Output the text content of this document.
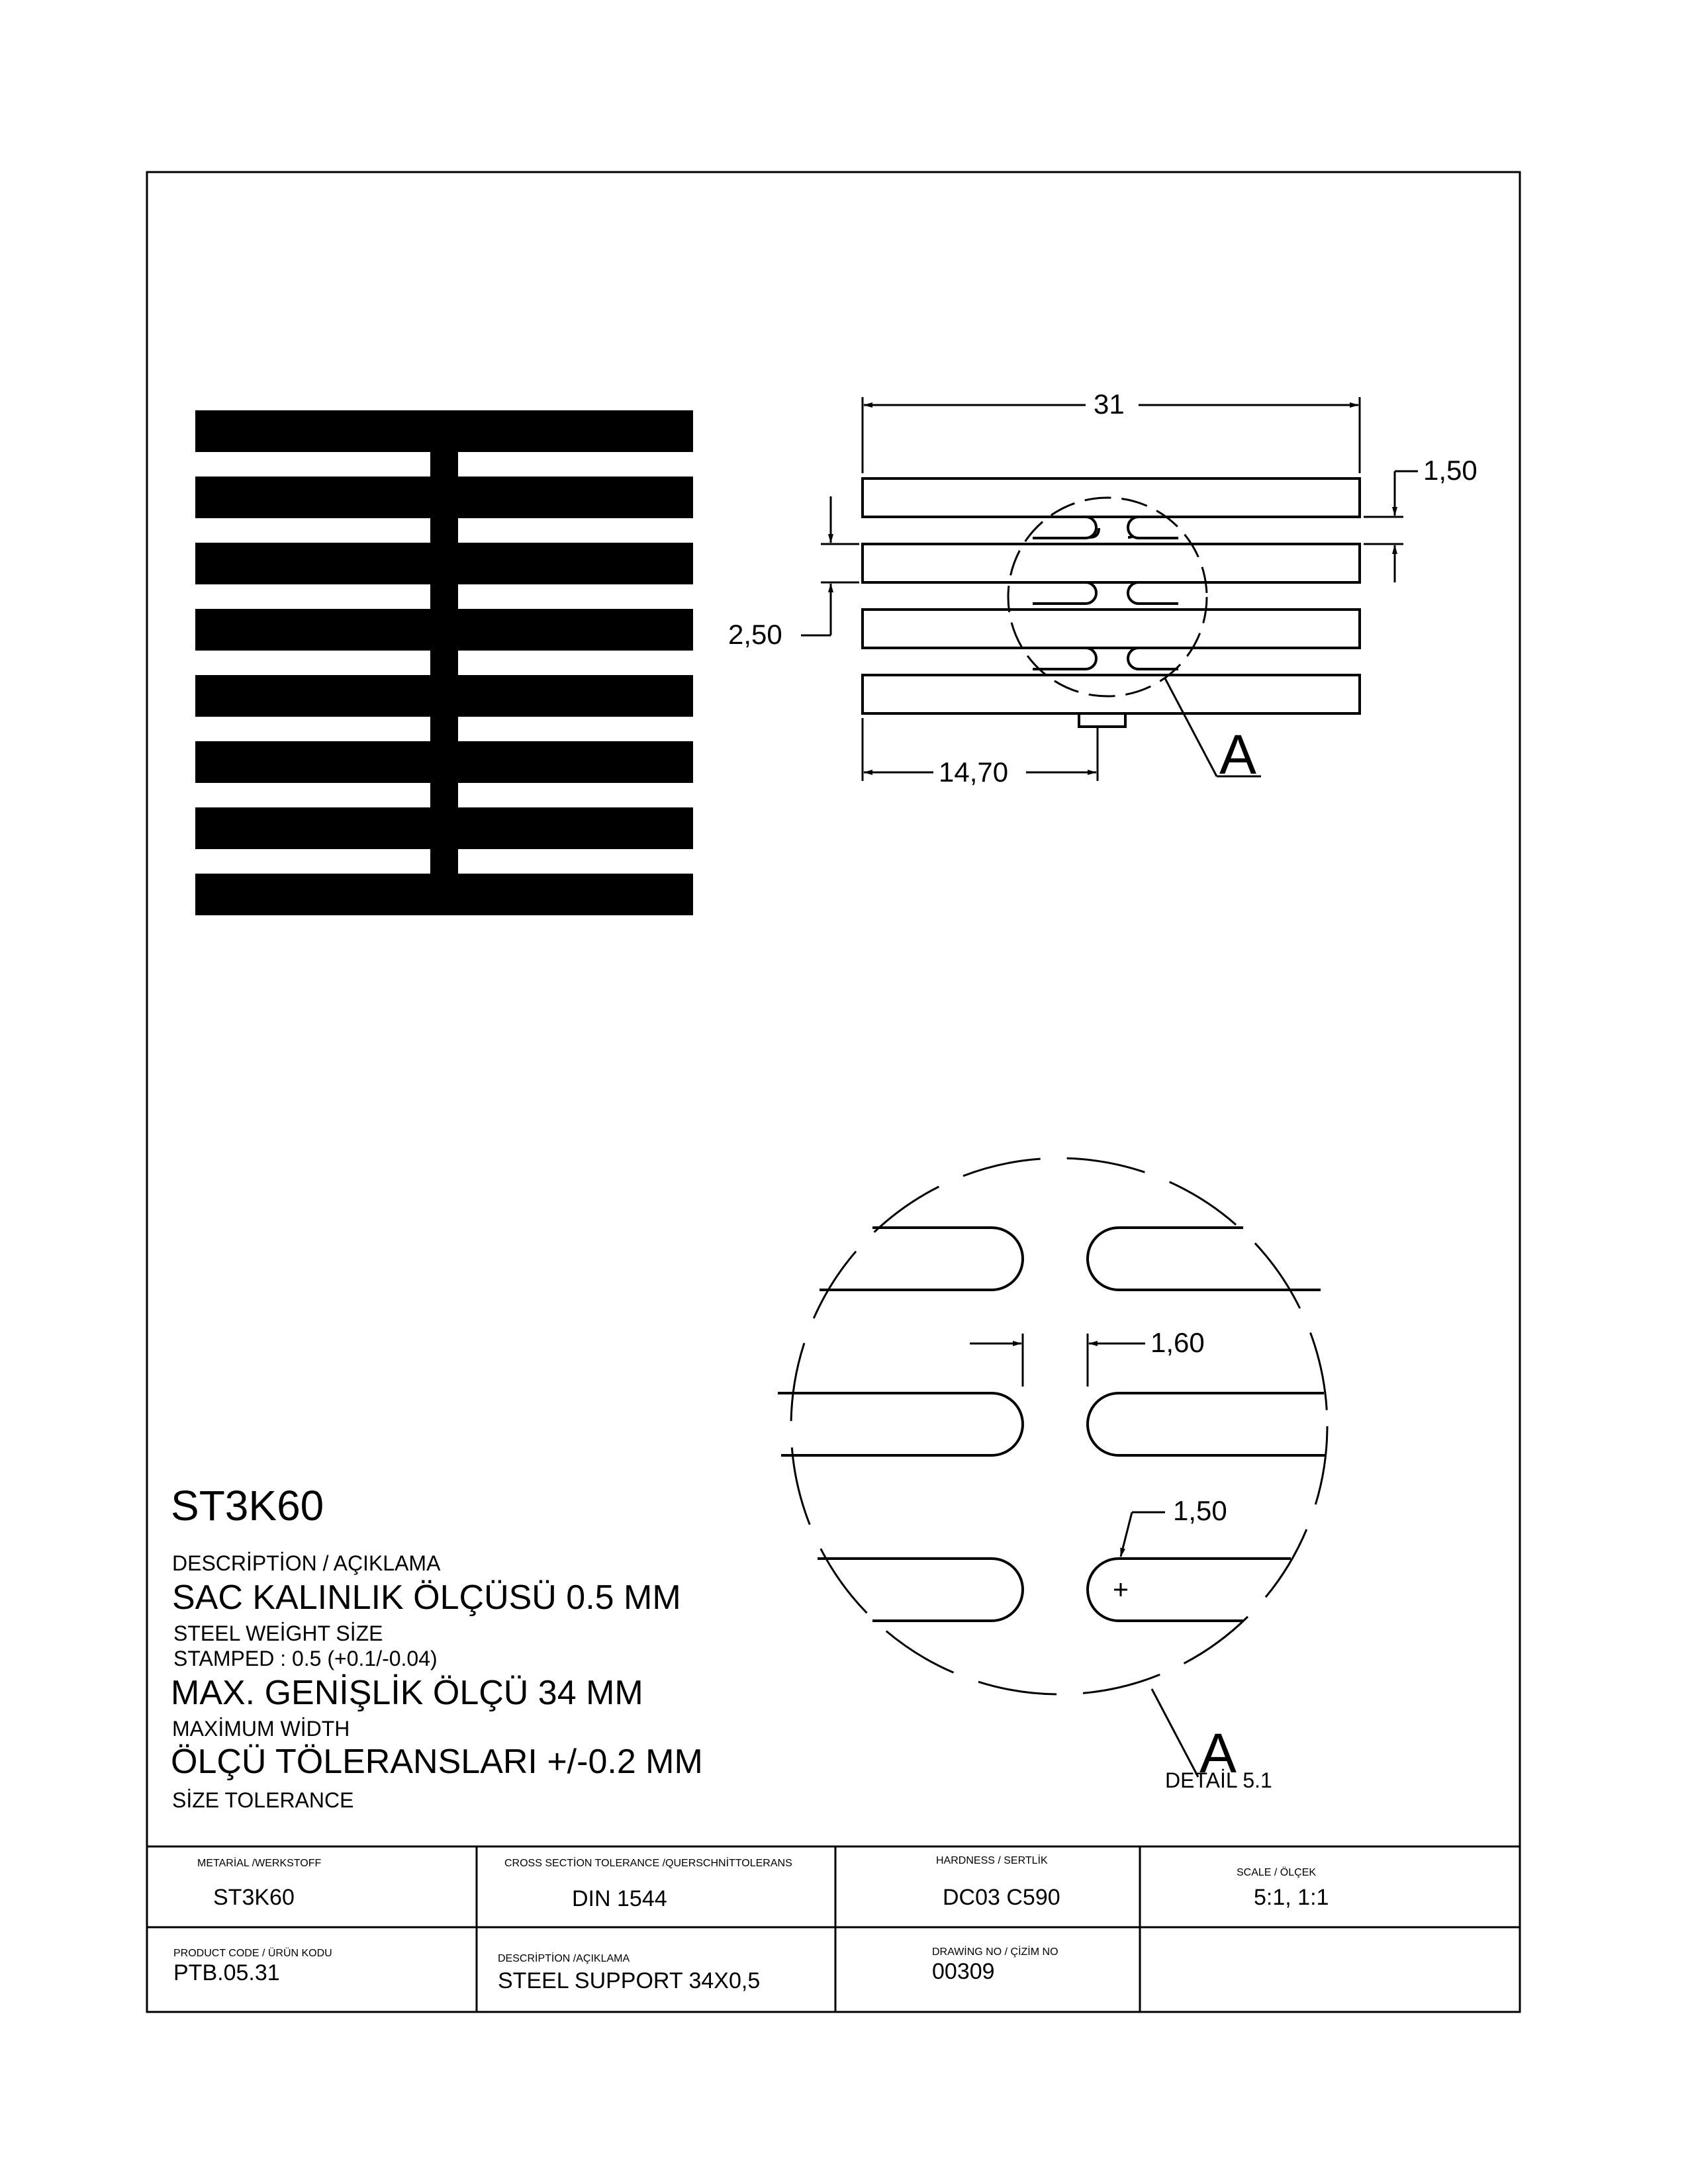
31
1,50
2,50
14,70	A
1,60
1,50
A
DETAİL 5.1
ST3K60
DESCRİPTİON / AÇIKLAMA
SAC KALINLIK ÖLÇÜSÜ 0.5 MM
STEEL WEİGHT SİZE
STAMPED : 0.5 (+0.1/-0.04)
MAX. GENİŞLİK ÖLÇÜ 34 MM
MAXİMUM WİDTH
ÖLÇÜ TÖLERANSLARI +/-0.2 MM
SİZE TOLERANCE
METARİAL /WERKSTOFF
ST3K60
CROSS SECTİON TOLERANCE /QUERSCHNİTTOLERANS
DIN 1544
HARDNESS / SERTLİK
DC03 C590
SCALE / ÖLÇEK
5:1, 1:1
PRODUCT CODE / ÜRÜN KODU
PTB.05.31
DESCRİPTİON /AÇIKLAMA
STEEL SUPPORT 34X0,5
DRAWİNG NO / ÇİZİM NO
00309
